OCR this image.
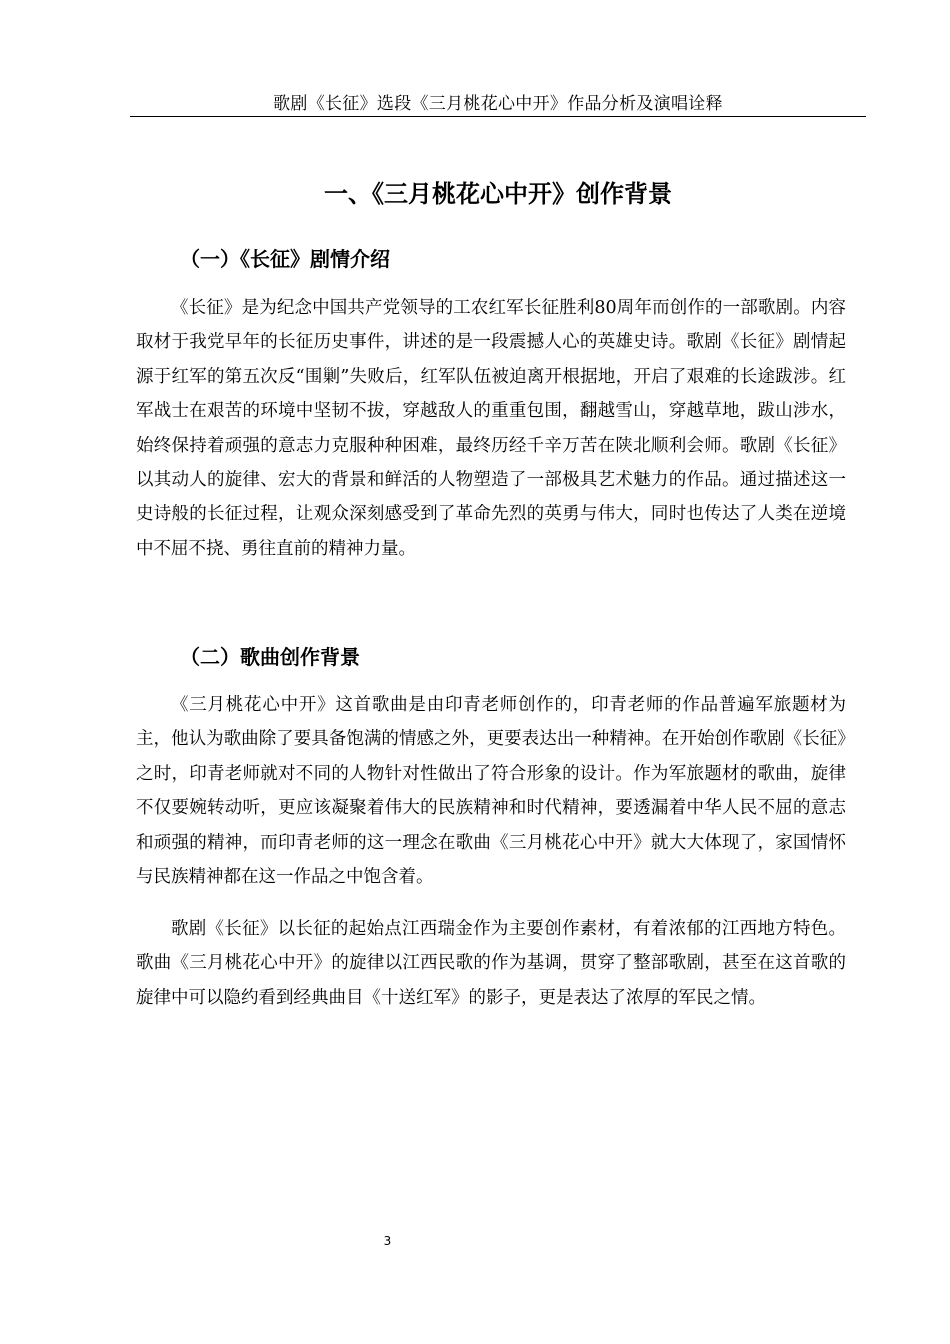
歌剧《长征》选段《三月桃花心中开》作品分析及演唱诠释
一、《三月桃花心中开》创作背景
（一）《长征》剧情介绍

《长征》是为纪念中国共产党领导的工农红军长征胜利80周年而创作的一部歌剧。内容取材于我党早年的长征历史事件，讲述的是一段震撼人心的英雄史诗。歌剧《长征》剧情起源于红军的第五次反“围剿”失败后，红军队伍被迫离开根据地，开启了艰难的长途跋涉。红军战士在艰苦的环境中坚韧不拔，穿越敌人的重重包围，翻越雪山，穿越草地，跋山涉水，始终保持着顽强的意志力克服种种困难，最终历经千辛万苦在陕北顺利会师。歌剧《长征》以其动人的旋律、宏大的背景和鲜活的人物塑造了一部极具艺术魅力的作品。通过描述这一史诗般的长征过程，让观众深刻感受到了革命先烈的英勇与伟大，同时也传达了人类在逆境中不屈不挠、勇往直前的精神力量。

（二）歌曲创作背景

《三月桃花心中开》这首歌曲是由印青老师创作的，印青老师的作品普遍军旅题材为主，他认为歌曲除了要具备饱满的情感之外，更要表达出一种精神。在开始创作歌剧《长征》之时，印青老师就对不同的人物针对性做出了符合形象的设计。作为军旅题材的歌曲，旋律不仅要婉转动听，更应该凝聚着伟大的民族精神和时代精神，要透漏着中华人民不屈的意志和顽强的精神，而印青老师的这一理念在歌曲《三月桃花心中开》就大大体现了，家国情怀与民族精神都在这一作品之中饱含着。

歌剧《长征》以长征的起始点江西瑞金作为主要创作素材，有着浓郁的江西地方特色。歌曲《三月桃花心中开》的旋律以江西民歌的作为基调，贯穿了整部歌剧，甚至在这首歌的旋律中可以隐约看到经典曲目《十送红军》的影子，更是表达了浓厚的军民之情。

3
